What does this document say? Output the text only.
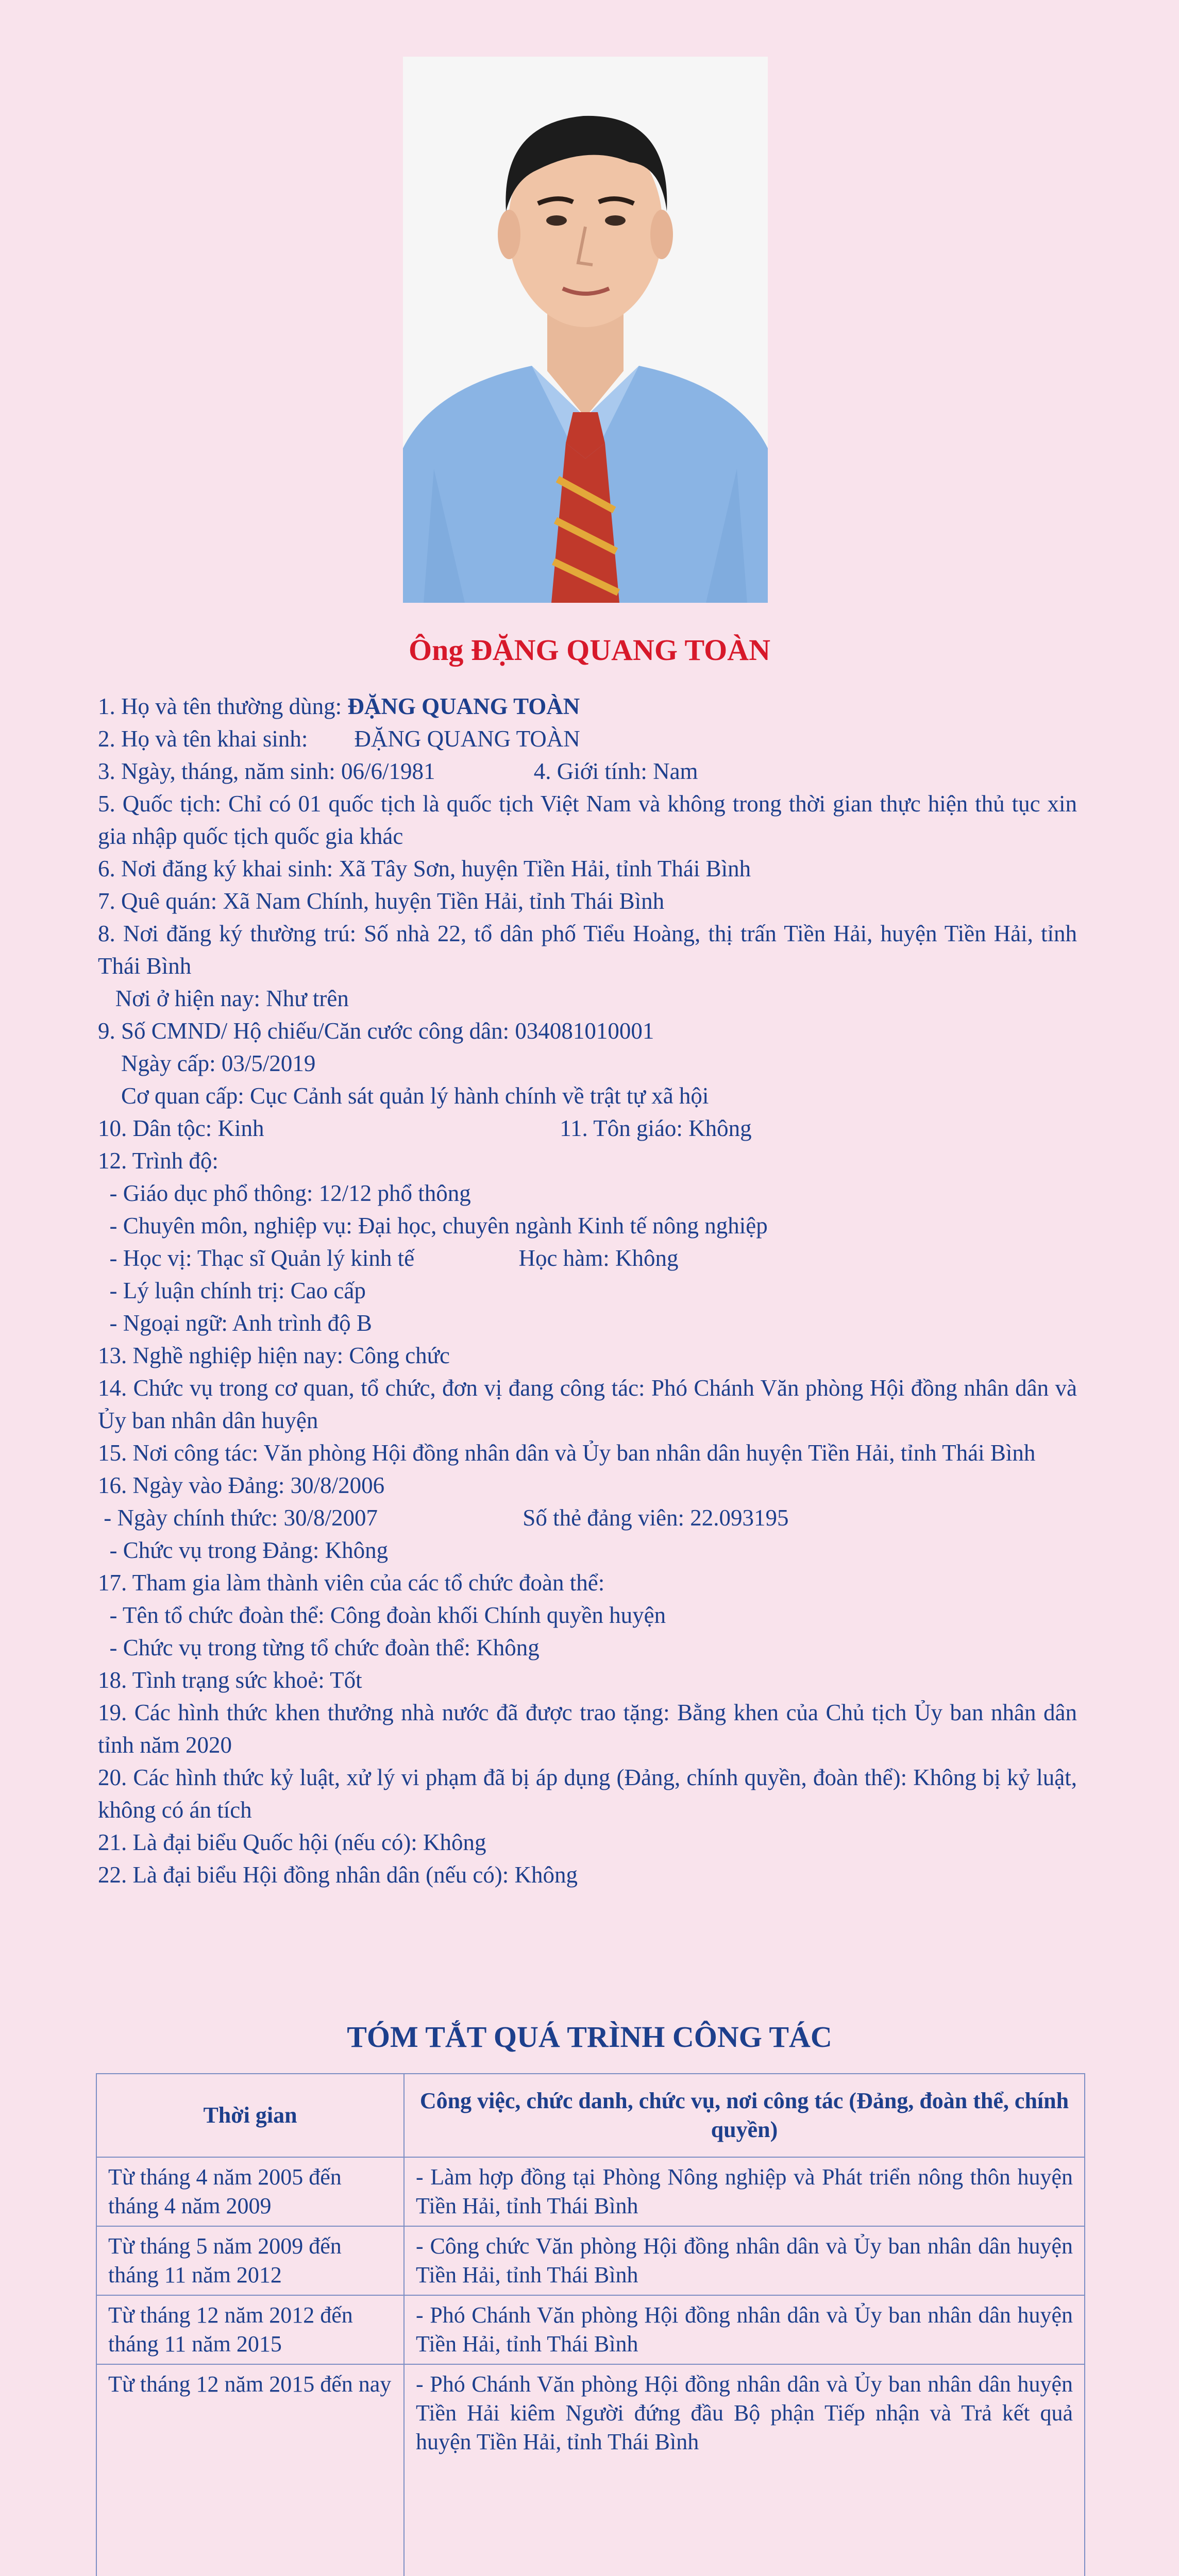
Ông ĐẶNG QUANG TOÀN
1. Họ và tên thường dùng: ĐẶNG QUANG TOÀN
2. Họ và tên khai sinh:        ĐẶNG QUANG TOÀN
3. Ngày, tháng, năm sinh: 06/6/1981                 4. Giới tính: Nam
5. Quốc tịch: Chỉ có 01 quốc tịch là quốc tịch Việt Nam và không trong thời gian thực hiện thủ tục xin gia nhập quốc tịch quốc gia khác
6. Nơi đăng ký khai sinh: Xã Tây Sơn, huyện Tiền Hải, tỉnh Thái Bình
7. Quê quán: Xã Nam Chính, huyện Tiền Hải, tỉnh Thái Bình
8. Nơi đăng ký thường trú: Số nhà 22, tổ dân phố Tiểu Hoàng, thị trấn Tiền Hải, huyện Tiền Hải, tỉnh Thái Bình
Nơi ở hiện nay: Như trên
9. Số CMND/ Hộ chiếu/Căn cước công dân: 034081010001
Ngày cấp: 03/5/2019
Cơ quan cấp: Cục Cảnh sát quản lý hành chính về trật tự xã hội
10. Dân tộc: Kinh                                                   11. Tôn giáo: Không
12. Trình độ:
- Giáo dục phổ thông: 12/12 phổ thông
- Chuyên môn, nghiệp vụ: Đại học, chuyên ngành Kinh tế nông nghiệp
- Học vị: Thạc sĩ Quản lý kinh tế                  Học hàm: Không
- Lý luận chính trị: Cao cấp
- Ngoại ngữ: Anh trình độ B
13. Nghề nghiệp hiện nay: Công chức
14. Chức vụ trong cơ quan, tổ chức, đơn vị đang công tác: Phó Chánh Văn phòng Hội đồng nhân dân và Ủy ban nhân dân huyện
15. Nơi công tác: Văn phòng Hội đồng nhân dân và Ủy ban nhân dân huyện Tiền Hải, tỉnh Thái Bình
16. Ngày vào Đảng: 30/8/2006
- Ngày chính thức: 30/8/2007                         Số thẻ đảng viên: 22.093195
- Chức vụ trong Đảng: Không
17. Tham gia làm thành viên của các tổ chức đoàn thể:
- Tên tổ chức đoàn thể: Công đoàn khối Chính quyền huyện
- Chức vụ trong từng tổ chức đoàn thể: Không
18. Tình trạng sức khoẻ: Tốt
19. Các hình thức khen thưởng nhà nước đã được trao tặng: Bằng khen của Chủ tịch Ủy ban nhân dân tỉnh năm 2020
20. Các hình thức kỷ luật, xử lý vi phạm đã bị áp dụng (Đảng, chính quyền, đoàn thể): Không bị kỷ luật, không có án tích
21. Là đại biểu Quốc hội (nếu có): Không
22. Là đại biểu Hội đồng nhân dân (nếu có): Không
TÓM TẮT QUÁ TRÌNH CÔNG TÁC
Thời gian	Công việc, chức danh, chức vụ, nơi công tác (Đảng, đoàn thể, chính quyền)
Từ tháng 4 năm 2005 đến tháng 4 năm 2009	- Làm hợp đồng tại Phòng Nông nghiệp và Phát triển nông thôn huyện Tiền Hải, tỉnh Thái Bình
Từ tháng 5 năm 2009 đến tháng 11 năm 2012	- Công chức Văn phòng Hội đồng nhân dân và Ủy ban nhân dân huyện Tiền Hải, tỉnh Thái Bình
Từ tháng 12 năm 2012 đến tháng 11 năm 2015	- Phó Chánh Văn phòng Hội đồng nhân dân và Ủy ban nhân dân huyện Tiền Hải, tỉnh Thái Bình
Từ tháng 12 năm 2015 đến nay	- Phó Chánh Văn phòng Hội đồng nhân dân và Ủy ban nhân dân huyện Tiền Hải kiêm Người đứng đầu Bộ phận Tiếp nhận và Trả kết quả huyện Tiền Hải, tỉnh Thái Bình
